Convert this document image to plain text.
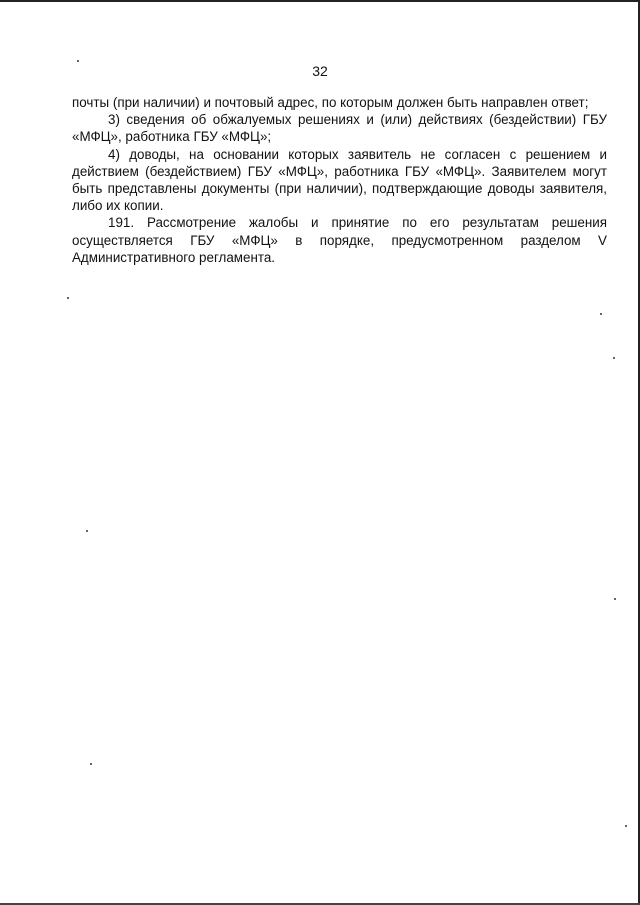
32

почты (при наличии) и почтовый адрес, по которым должен быть направлен ответ;

3) сведения об обжалуемых решениях и (или) действиях (бездействии) ГБУ «МФЦ», работника ГБУ «МФЦ»;

4) доводы, на основании которых заявитель не согласен с решением и действием (бездействием) ГБУ «МФЦ», работника ГБУ «МФЦ». Заявителем могут быть представлены документы (при наличии), подтверждающие доводы заявителя, либо их копии.

191. Рассмотрение жалобы и принятие по его результатам решения осуществляется ГБУ «МФЦ» в порядке, предусмотренном разделом V Административного регламента.
